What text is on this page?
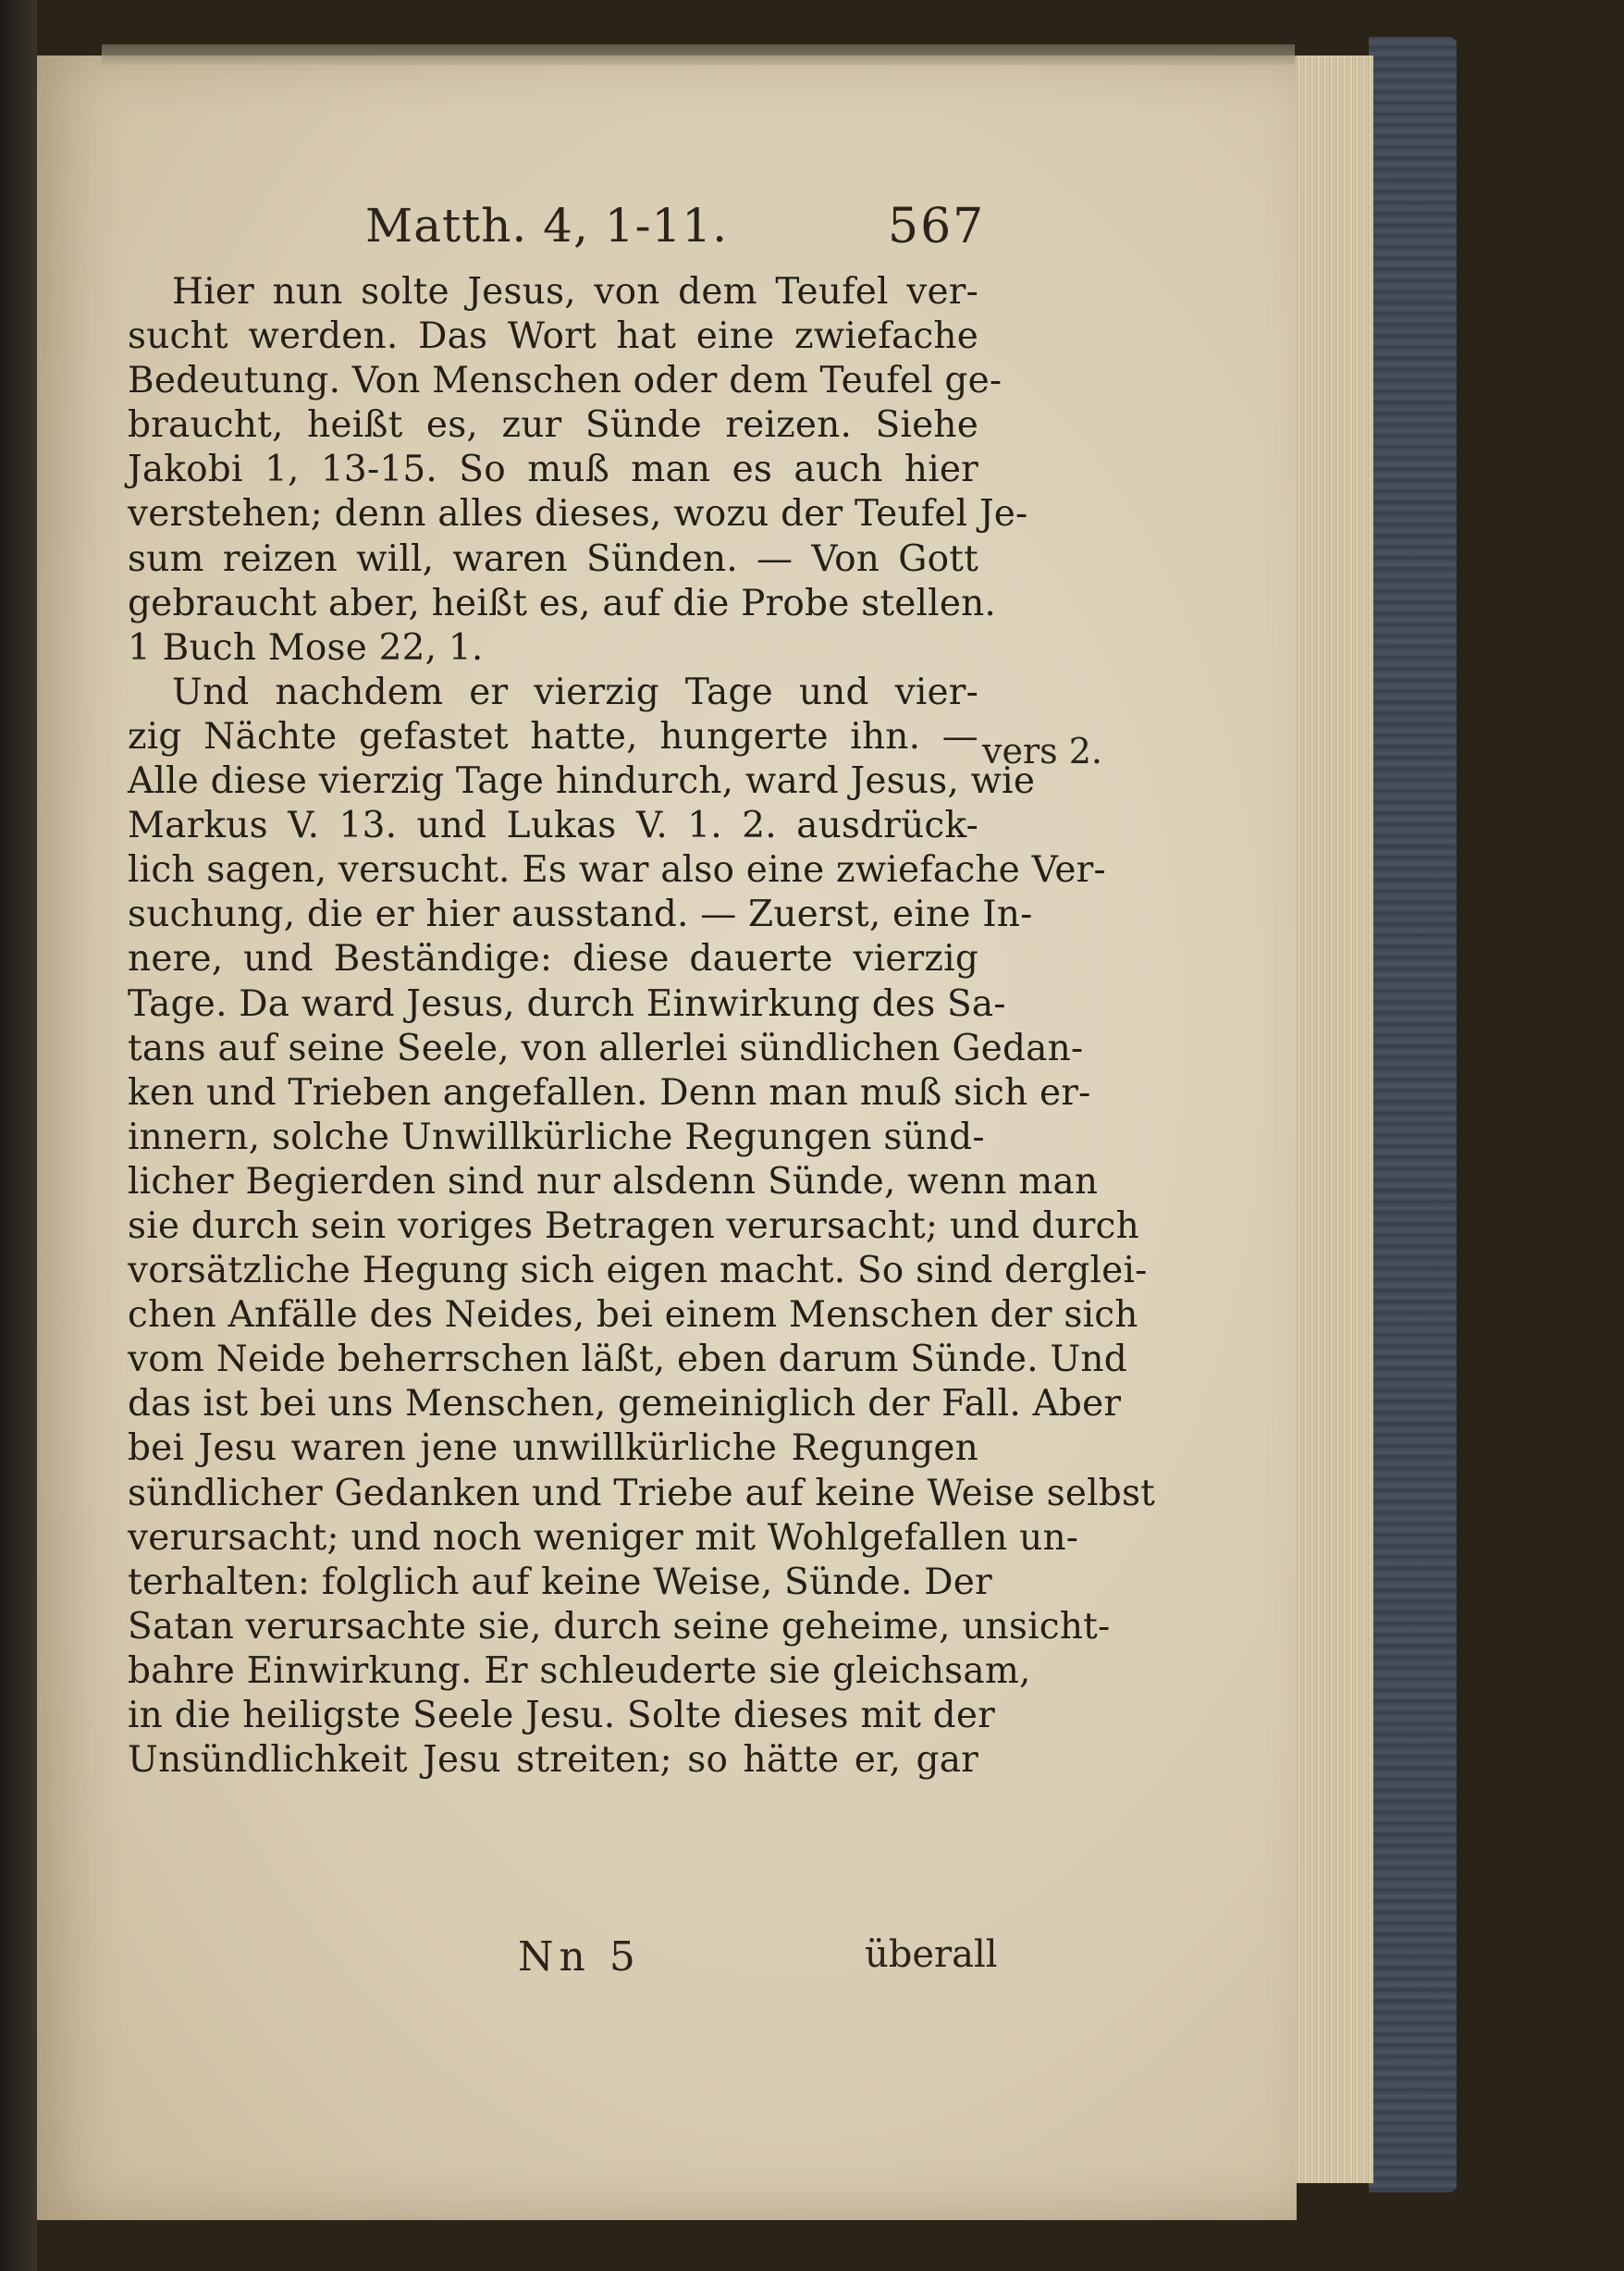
Matth. 4, 1-11.	567
Hier nun solte Jesus, von dem Teufel ver-
sucht werden. Das Wort hat eine zwiefache
Bedeutung. Von Menschen oder dem Teufel ge-
braucht, heißt es, zur Sünde reizen. Siehe
Jakobi 1, 13-15. So muß man es auch hier
verstehen; denn alles dieses, wozu der Teufel Je-
sum reizen will, waren Sünden. — Von Gott
gebraucht aber, heißt es, auf die Probe stellen.
1 Buch Mose 22, 1.
Und nachdem er vierzig Tage und vier-
zig Nächte gefastet hatte, hungerte ihn. —
Alle diese vierzig Tage hindurch, ward Jesus, wie
Markus V. 13. und Lukas V. 1. 2. ausdrück-
lich sagen, versucht. Es war also eine zwiefache Ver-
suchung, die er hier ausstand. — Zuerst, eine In-
nere, und Beständige: diese dauerte vierzig
Tage. Da ward Jesus, durch Einwirkung des Sa-
tans auf seine Seele, von allerlei sündlichen Gedan-
ken und Trieben angefallen. Denn man muß sich er-
innern, solche Unwillkürliche Regungen sünd-
licher Begierden sind nur alsdenn Sünde, wenn man
sie durch sein voriges Betragen verursacht; und durch
vorsätzliche Hegung sich eigen macht. So sind derglei-
chen Anfälle des Neides, bei einem Menschen der sich
vom Neide beherrschen läßt, eben darum Sünde. Und
das ist bei uns Menschen, gemeiniglich der Fall. Aber
bei Jesu waren jene unwillkürliche Regungen
sündlicher Gedanken und Triebe auf keine Weise selbst
verursacht; und noch weniger mit Wohlgefallen un-
terhalten: folglich auf keine Weise, Sünde. Der
Satan verursachte sie, durch seine geheime, unsicht-
bahre Einwirkung. Er schleuderte sie gleichsam,
in die heiligste Seele Jesu. Solte dieses mit der
Unsündlichkeit Jesu streiten; so hätte er, gar
vers 2.
Nn 5	überall
